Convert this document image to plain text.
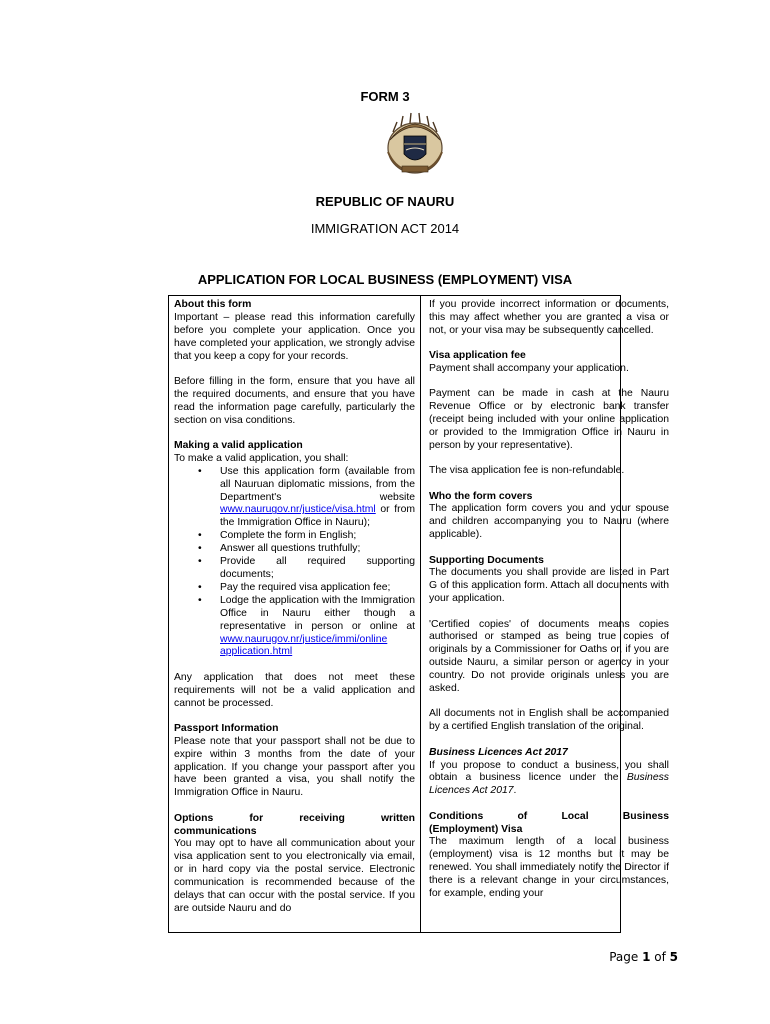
FORM 3
REPUBLIC OF NAURU
IMMIGRATION ACT 2014
APPLICATION FOR LOCAL BUSINESS (EMPLOYMENT) VISA
About this form

Important – please read this information carefully before you complete your application. Once you have completed your application, we strongly advise that you keep a copy for your records.

Before filling in the form, ensure that you have all the required documents, and ensure that you have read the information page carefully, particularly the section on visa conditions.

Making a valid application
To make a valid application, you shall:
• Use this application form (available from all Nauruan diplomatic missions, from the Department's website www.naurugov.nr/justice/visa.html or from the Immigration Office in Nauru);
• Complete the form in English;
• Answer all questions truthfully;
• Provide all required supporting documents;
• Pay the required visa application fee;
• Lodge the application with the Immigration Office in Nauru either though a representative in person or online at www.naurugov.nr/justice/immi/online application.html

Any application that does not meet these requirements will not be a valid application and cannot be processed.

Passport Information

Please note that your passport shall not be due to expire within 3 months from the date of your application. If you change your passport after you have been granted a visa, you shall notify the Immigration Office in Nauru.

Options	for	receiving	written
communications

You may opt to have all communication about your visa application sent to you electronically via email, or in hard copy via the postal service. Electronic communication is recommended because of the delays that can occur with the postal service. If you are outside Nauru and do

If you provide incorrect information or documents, this may affect whether you are granted a visa or not, or your visa may be subsequently cancelled.

Visa application fee

Payment shall accompany your application.

Payment can be made in cash at the Nauru Revenue Office or by electronic bank transfer (receipt being included with your online application or provided to the Immigration Office in Nauru in person by your representative).

The visa application fee is non-refundable.

Who the form covers

The application form covers you and your spouse and children accompanying you to Nauru (where applicable).

Supporting Documents

The documents you shall provide are listed in Part G of this application form. Attach all documents with your application.

'Certified copies' of documents means copies authorised or stamped as being true copies of originals by a Commissioner for Oaths or, if you are outside Nauru, a similar person or agency in your country. Do not provide originals unless you are asked.

All documents not in English shall be accompanied by a certified English translation of the original.

Business Licences Act 2017

If you propose to conduct a business, you shall obtain a business licence under the Business Licences Act 2017.

Conditions	of	Local	Business
(Employment) Visa

The maximum length of a local business (employment) visa is 12 months but it may be renewed. You shall immediately notify the Director if there is a relevant change in your circumstances, for example, ending your

Page 1 of 5
